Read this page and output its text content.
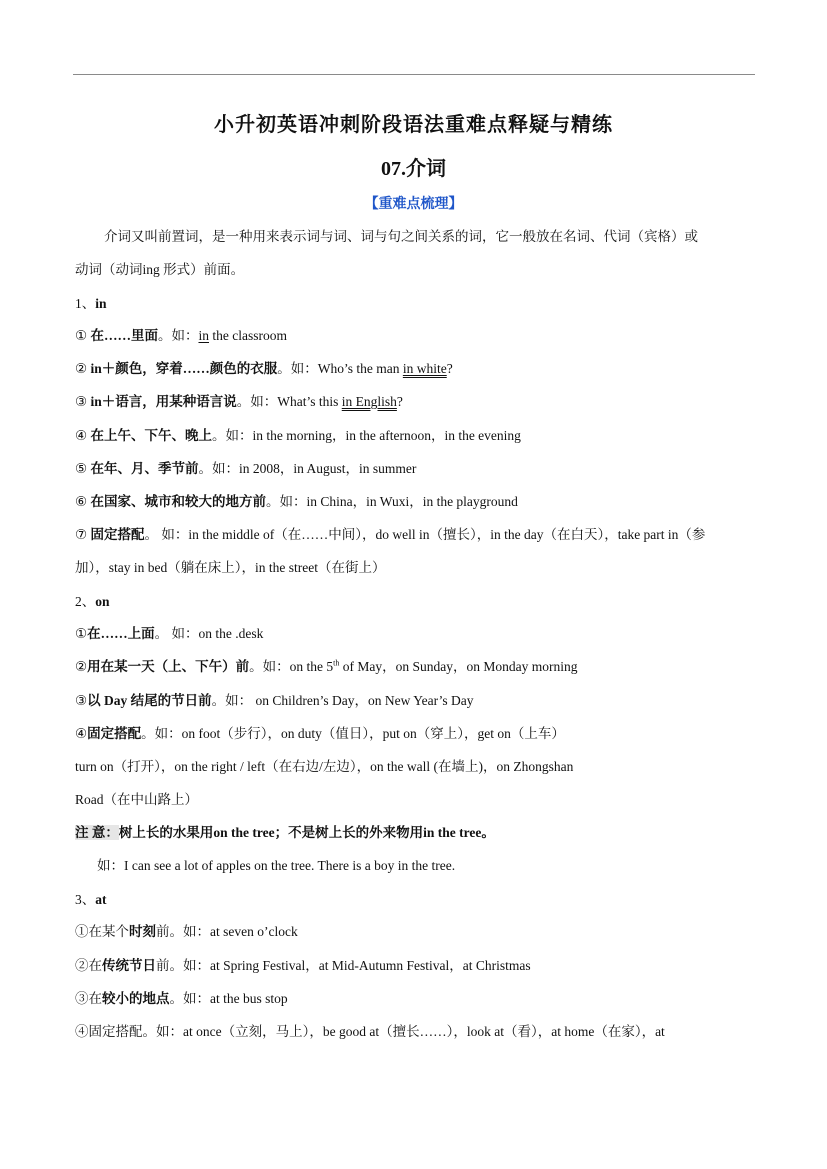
小升初英语冲刺阶段语法重难点释疑与精练
07.介词
【重难点梳理】
介词又叫前置词，是一种用来表示词与词、词与句之间关系的词，它一般放在名词、代词（宾格）或
动词（动词ing 形式）前面。
1、in
① 在……里面。如：in the classroom
② in＋颜色，穿着……颜色的衣服。如：Who’s the man in white?
③ in＋语言，用某种语言说。如：What’s this in English?
④ 在上午、下午、晚上。如：in the morning，in the afternoon，in the evening
⑤ 在年、月、季节前。如：in 2008，in August，in summer
⑥ 在国家、城市和较大的地方前。如：in China，in Wuxi，in the playground
⑦ 固定搭配。 如：in the middle of（在……中间），do well in（擅长），in the day（在白天），take part in（参
加），stay in bed（躺在床上），in the street（在街上）
2、on
①在……上面。 如：on the .desk
②用在某一天（上、下午）前。如：on the 5th of May，on Sunday，on Monday morning
③以 Day 结尾的节日前。如： on Children’s Day，on New Year’s Day
④固定搭配。如：on foot（步行），on duty（值日），put on（穿上），get on（上车）
turn on（打开），on the right / left（在右边/左边），on the wall (在墙上)，on Zhongshan
Road（在中山路上）
注 意：树上长的水果用on the tree；不是树上长的外来物用in the tree。
如：I can see a lot of apples on the tree. There is a boy in the tree.
3、at
①在某个时刻前。如：at seven o’clock
②在传统节日前。如：at Spring Festival，at Mid-Autumn Festival，at Christmas
③在较小的地点。如：at the bus stop
④固定搭配。如：at once（立刻，马上），be good at（擅长……），look at（看），at home（在家），at
